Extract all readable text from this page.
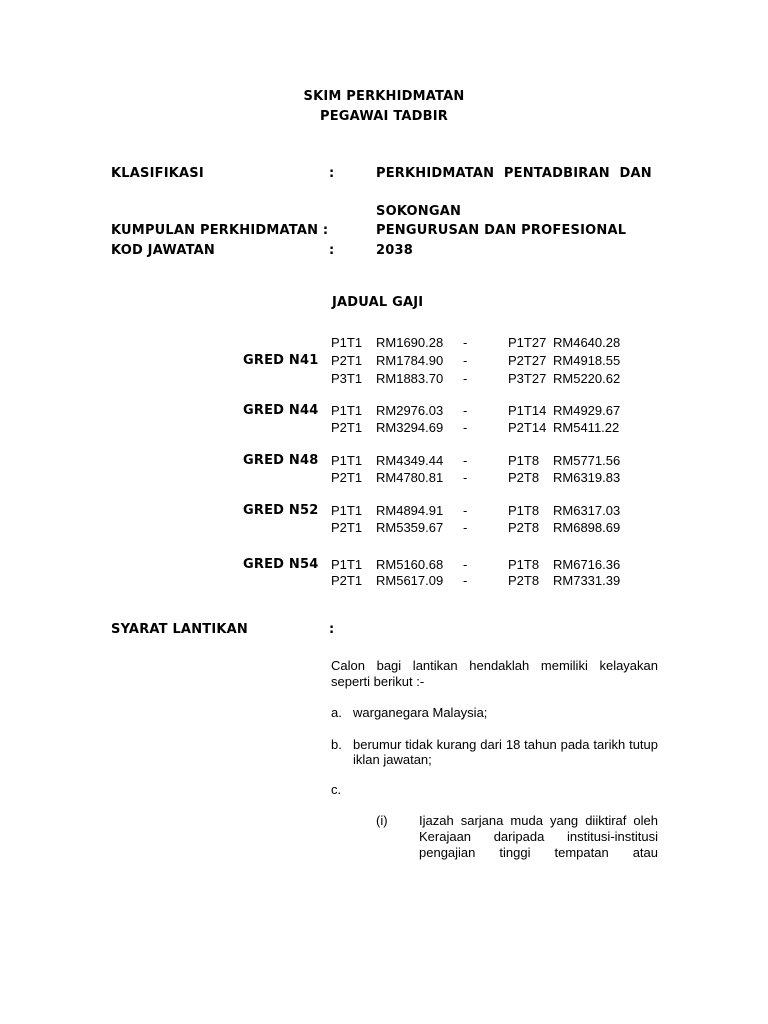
SKIM PERKHIDMATAN
PEGAWAI TADBIR
KLASIFIKASI	:	PERKHIDMATAN PENTADBIRAN DAN
SOKONGAN
KUMPULAN PERKHIDMATAN :	PENGURUSAN DAN PROFESIONAL
KOD JAWATAN	:	2038
JADUAL GAJI
GRED N41
P1T1 RM1690.28 -	P1T27 RM4640.28
P2T1 RM1784.90 -	P2T27 RM4918.55
P3T1 RM1883.70 -	P3T27 RM5220.62
GRED N44 P1T1 RM2976.03 -	P1T14 RM4929.67
P2T1 RM3294.69 -	P2T14 RM5411.22
GRED N48 P1T1 RM4349.44 -	P1T8 RM5771.56
P2T1 RM4780.81 -	P2T8 RM6319.83
GRED N52 P1T1 RM4894.91 -	P1T8 RM6317.03
P2T1 RM5359.67 -	P2T8 RM6898.69
GRED N54 P1T1 RM5160.68 -	P1T8 RM6716.36
P2T1 RM5617.09 -	P2T8 RM7331.39
SYARAT LANTIKAN	:
Calon bagi lantikan hendaklah memiliki kelayakan seperti berikut :-
a. warganegara Malaysia;
b. berumur tidak kurang dari 18 tahun pada tarikh tutup iklan jawatan;
c.
(i) Ijazah sarjana muda yang diiktiraf oleh
Kerajaan daripada institusi-institusi
pengajian tinggi tempatan atau
